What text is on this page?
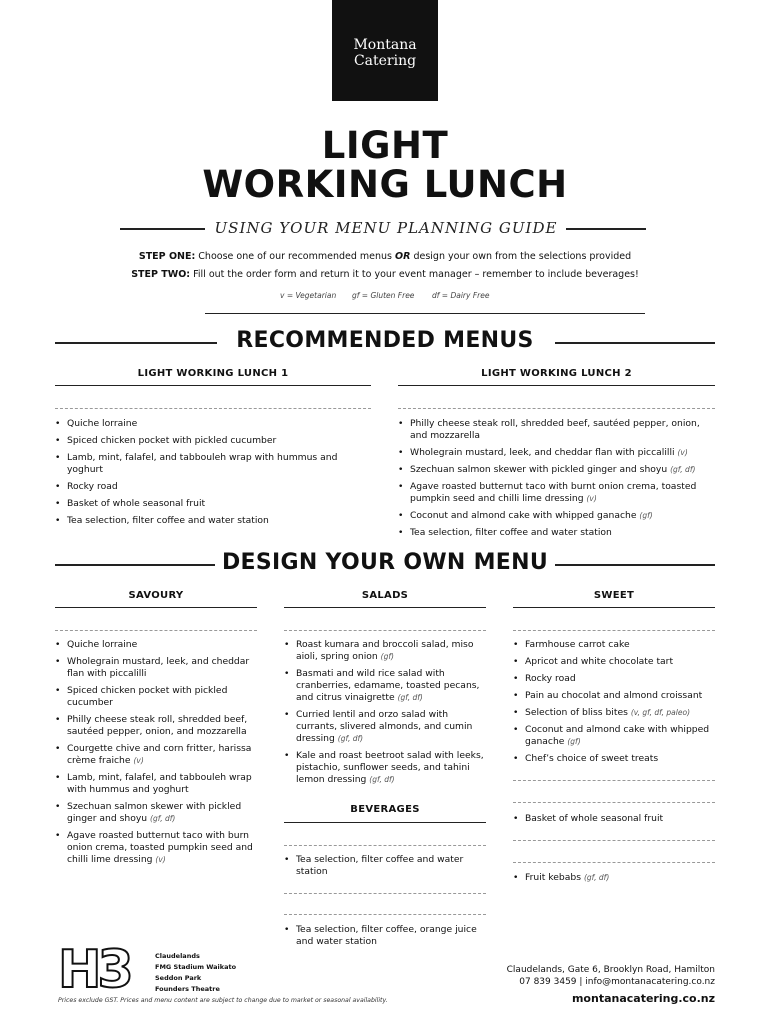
Montana
Catering
LIGHT
WORKING LUNCH
USING YOUR MENU PLANNING GUIDE
STEP ONE: Choose one of our recommended menus OR design your own from the selections provided
STEP TWO: Fill out the order form and return it to your event manager – remember to include beverages!
v = Vegetarian gf = Gluten Free df = Dairy Free
RECOMMENDED MENUS
LIGHT WORKING LUNCH 1
• Quiche lorraine
• Spiced chicken pocket with pickled cucumber
• Lamb, mint, falafel, and tabbouleh wrap with hummus and yoghurt
• Rocky road
• Basket of whole seasonal fruit
• Tea selection, filter coffee and water station
LIGHT WORKING LUNCH 2
• Philly cheese steak roll, shredded beef, sautéed pepper, onion, and mozzarella
• Wholegrain mustard, leek, and cheddar flan with piccalilli (v)
• Szechuan salmon skewer with pickled ginger and shoyu (gf, df)
• Agave roasted butternut taco with burnt onion crema, toasted pumpkin seed and chilli lime dressing (v)
• Coconut and almond cake with whipped ganache (gf)
• Tea selection, filter coffee and water station
DESIGN YOUR OWN MENU
SAVOURY
• Quiche lorraine
• Wholegrain mustard, leek, and cheddar flan with piccalilli
• Spiced chicken pocket with pickled cucumber
• Philly cheese steak roll, shredded beef, sautéed pepper, onion, and mozzarella
• Courgette chive and corn fritter, harissa crème fraiche (v)
• Lamb, mint, falafel, and tabbouleh wrap with hummus and yoghurt
• Szechuan salmon skewer with pickled ginger and shoyu (gf, df)
• Agave roasted butternut taco with burn onion crema, toasted pumpkin seed and chilli lime dressing (v)
SALADS
• Roast kumara and broccoli salad, miso aioli, spring onion (gf)
• Basmati and wild rice salad with cranberries, edamame, toasted pecans, and citrus vinaigrette (gf, df)
• Curried lentil and orzo salad with currants, slivered almonds, and cumin dressing (gf, df)
• Kale and roast beetroot salad with leeks, pistachio, sunflower seeds, and tahini lemon dressing (gf, df)
BEVERAGES
• Tea selection, filter coffee and water station
• Tea selection, filter coffee, orange juice and water station
SWEET
• Farmhouse carrot cake
• Apricot and white chocolate tart
• Rocky road
• Pain au chocolat and almond croissant
• Selection of bliss bites (v, gf, df, paleo)
• Coconut and almond cake with whipped ganache (gf)
• Chef’s choice of sweet treats
• Basket of whole seasonal fruit
• Fruit kebabs (gf, df)
H3	Claudelands
FMG Stadium Waikato
Seddon Park
Founders Theatre
Claudelands, Gate 6, Brooklyn Road, Hamilton
07 839 3459 | info@montanacatering.co.nz
montanacatering.co.nz
Prices exclude GST. Prices and menu content are subject to change due to market or seasonal availability.
